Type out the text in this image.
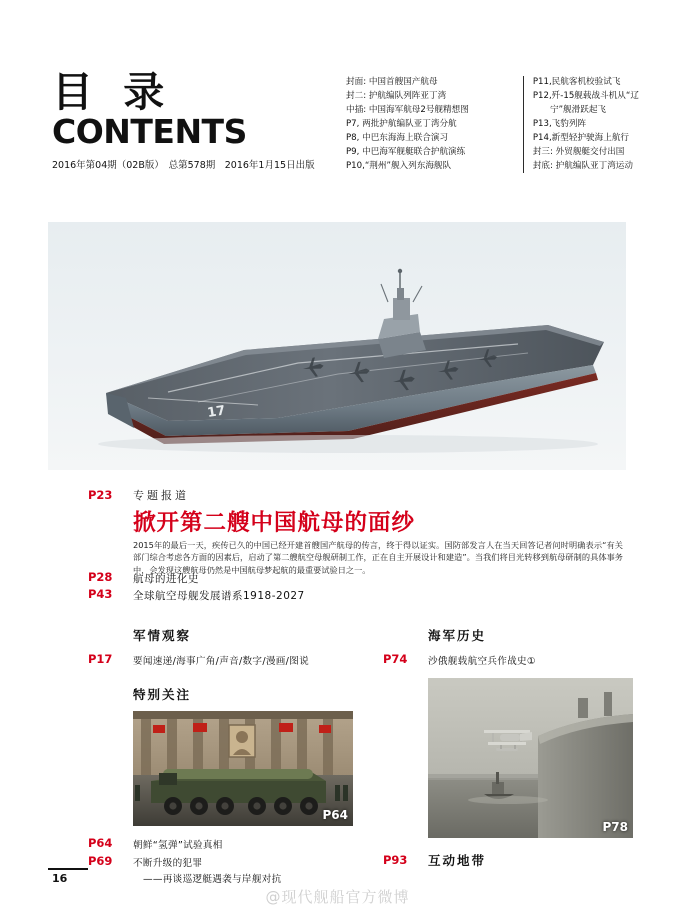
目 录
CONTENTS
2016年第04期（02B版）　总第578期　2016年1月15日出版
封面: 中国首艘国产航母
封二: 护航编队列阵亚丁湾
中插: 中国海军航母2号舰精想图
P7, 两批护航编队亚丁湾分航
P8, 中巴东海海上联合演习
P9, 中巴海军舰艇联合护航演练
P10,“荆州”舰入列东海舰队
P11,民航客机校验试飞
P12,歼-15舰载战斗机从“辽
　　宁”舰滑跃起飞
P13,飞豹列阵
P14,新型轻护驶海上航行
封三: 外贸舰艇交付出国
封底: 护航编队亚丁湾运动
17
P23 专题报道
掀开第二艘中国航母的面纱
2015年的最后一天，疾传已久的中国已经开建首艘国产航母的传言，终于得以证实。国防部发言人在当天回答记者问时明确表示“有关部门综合考虑各方面的因素后，启动了第二艘航空母舰研制工作，正在自主开展设计和建造”。当我们将目光转移到航母研制的具体事务中，会发现这艘航母仍然是中国航母梦起航的最重要试验日之一。
P28 航母的进化史
P43 全球航空母舰发展谱系1918-2027
军情观察
P17 要闻速递/海事广角/声音/数字/漫画/图说
特别关注
P64
P64 朝鲜“氢弹”试验真相
P69 不断升级的犯罪
——再谈巡逻艇遇袭与岸舰对抗
海军历史
P74 沙俄舰载航空兵作战史①
P78
P93 互动地带
16
@现代舰船官方微博
